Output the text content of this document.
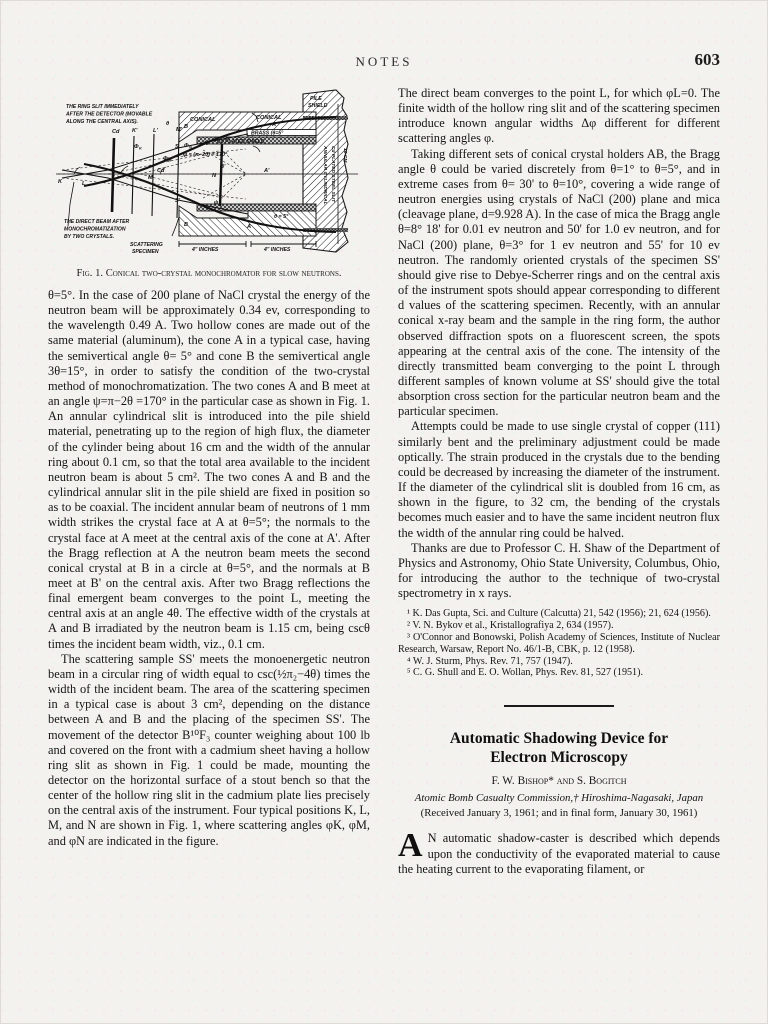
NOTES	603
THE RING SLIT IMMEDIATELY
AFTER THE DETECTOR (MOVABLE
ALONG THE CENTRAL AXIS).
THE DIRECT BEAM AFTER
MONOCHROMATIZATION
BY TWO CRYSTALS.
SCATTERING
SPECIMEN
CONICAL	CONICAL
A
PILE
SHIELD
BRASS (θ=5°
Cd PLATED SHIELD
ψ = (π−2θ) = 170°
θ = 5°
ψ	ANNULAR CYLINDRICAL Cd PLATED STEEL SLIT 16 CM
4" INCHES	4" INCHES
K	L
M	N
Cd K'	L'	M'
N'
S
S'
B
B	A
A'
B'
θ
Φ K
Φ M
Φ N
Cd
Fig. 1. Conical two-crystal monochromator for slow neutrons.

θ=5°. In the case of 200 plane of NaCl crystal the energy of the neutron beam will be approximately 0.34 ev, corresponding to the wavelength 0.49 A. Two hollow cones are made out of the same material (aluminum), the cone A in a typical case, having the semivertical angle θ= 5° and cone B the semivertical angle 3θ=15°, in order to satisfy the condition of the two-crystal method of monochromatization. The two cones A and B meet at an angle ψ=π−2θ =170° in the particular case as shown in Fig. 1. An annular cylindrical slit is introduced into the pile shield material, penetrating up to the region of high flux, the diameter of the cylinder being about 16 cm and the width of the annular ring about 0.1 cm, so that the total area available to the incident neutron beam is about 5 cm². The two cones A and B and the cylindrical annular slit in the pile shield are fixed in position so as to be coaxial. The incident annular beam of neutrons of 1 mm width strikes the crystal face at A at θ=5°; the normals to the crystal face at A meet at the central axis of the cone at A'. After the Bragg reflection at A the neutron beam meets the second conical crystal at B in a circle at θ=5°, and the normals at B meet at B' on the central axis. After two Bragg reflections the final emergent beam converges to the point L, meeting the central axis at an angle 4θ. The effective width of the crystals at A and B irradiated by the neutron beam is 1.15 cm, being cscθ times the incident beam width, viz., 0.1 cm.

The scattering sample SS' meets the monoenergetic neutron beam in a circular ring of width equal to csc(½π₂−4θ) times the width of the incident beam. The area of the scattering specimen in a typical case is about 3 cm², depending on the distance between A and B and the placing of the specimen SS'. The movement of the detector B¹⁰F₃ counter weighing about 100 lb and covered on the front with a cadmium sheet having a hollow ring slit as shown in Fig. 1 could be made, mounting the detector on the horizontal surface of a stout bench so that the center of the hollow ring slit in the cadmium plate lies precisely on the central axis of the instrument. Four typical positions K, L, M, and N are shown in Fig. 1, where scattering angles φK, φM, and φN are indicated in the figure.

The direct beam converges to the point L, for which φL=0. The finite width of the hollow ring slit and of the scattering specimen introduce known angular widths Δφ different for different scattering angles φ.

Taking different sets of conical crystal holders AB, the Bragg angle θ could be varied discretely from θ=1° to θ=5°, and in extreme cases from θ= 30' to θ=10°, covering a wide range of neutron energies using crystals of NaCl (200) plane and mica (cleavage plane, d=9.928 A). In the case of mica the Bragg angle θ=8° 18' for 0.01 ev neutron and 50' for 1.0 ev neutron, and for NaCl (200) plane, θ=3° for 1 ev neutron and 55' for 10 ev neutron. The randomly oriented crystals of the specimen SS' should give rise to Debye-Scherrer rings and on the central axis of the instrument spots should appear corresponding to different d values of the scattering specimen. Recently, with an annular conical x-ray beam and the sample in the ring form, the author observed diffraction spots on a fluorescent screen, the spots appearing at the central axis of the cone. The intensity of the directly transmitted beam converging to the point L through different samples of known volume at SS' should give the total absorption cross section for the particular neutron beam and the particular specimen.

Attempts could be made to use single crystal of copper (111) similarly bent and the preliminary adjustment could be made optically. The strain produced in the crystals due to the bending could be decreased by increasing the diameter of the instrument. If the diameter of the cylindrical slit is doubled from 16 cm, as shown in the figure, to 32 cm, the bending of the crystals becomes much easier and to have the same incident neutron flux the width of the annular ring could be halved.

Thanks are due to Professor C. H. Shaw of the Department of Physics and Astronomy, Ohio State University, Columbus, Ohio, for introducing the author to the technique of two-crystal spectrometry in x rays.

¹ K. Das Gupta, Sci. and Culture (Calcutta) 21, 542 (1956); 21, 624 (1956).

² V. N. Bykov et al., Kristallografiya 2, 634 (1957).

³ O'Connor and Bonowski, Polish Academy of Sciences, Institute of Nuclear Research, Warsaw, Report No. 46/1-B, CBK, p. 12 (1958).

⁴ W. J. Sturm, Phys. Rev. 71, 757 (1947).

⁵ C. G. Shull and E. O. Wollan, Phys. Rev. 81, 527 (1951).

Automatic Shadowing Device for
Electron Microscopy
F. W. Bishop* and S. Bogitch
Atomic Bomb Casualty Commission,† Hiroshima-Nagasaki, Japan
(Received January 3, 1961; and in final form, January 30, 1961)

A N automatic shadow-caster is described which depends upon the conductivity of the evaporated material to cause the heating current to the evaporating filament, or
